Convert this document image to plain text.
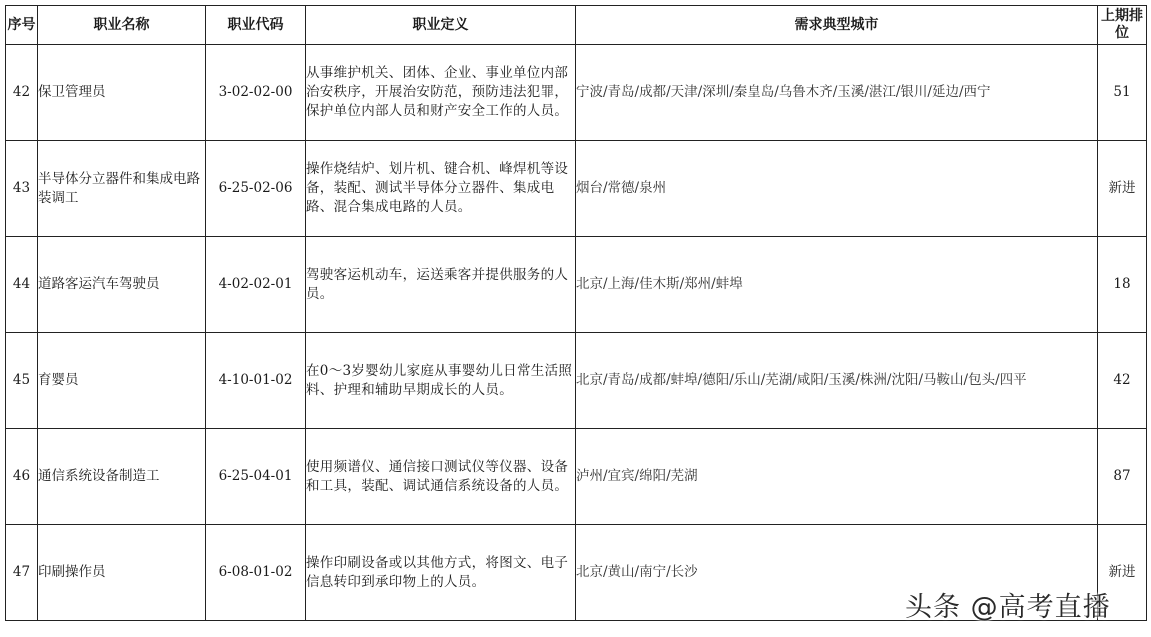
序号	职业名称	职业代码	职业定义	需求典型城市	上期排位
42	保卫管理员	3-02-02-00	从事维护机关、团体、企业、事业单位内部治安秩序，开展治安防范，预防违法犯罪，保护单位内部人员和财产安全工作的人员。	宁波/青岛/成都/天津/深圳/秦皇岛/乌鲁木齐/玉溪/湛江/银川/延边/西宁	51
43	半导体分立器件和集成电路装调工	6-25-02-06	操作烧结炉、划片机、键合机、峰焊机等设备，装配、测试半导体分立器件、集成电路、混合集成电路的人员。	烟台/常德/泉州	新进
44	道路客运汽车驾驶员	4-02-02-01	驾驶客运机动车，运送乘客并提供服务的人员。	北京/上海/佳木斯/郑州/蚌埠	18
45	育婴员	4-10-01-02	在0～3岁婴幼儿家庭从事婴幼儿日常生活照料、护理和辅助早期成长的人员。	北京/青岛/成都/蚌埠/德阳/乐山/芜湖/咸阳/玉溪/株洲/沈阳/马鞍山/包头/四平	42
46	通信系统设备制造工	6-25-04-01	使用频谱仪、通信接口测试仪等仪器、设备和工具，装配、调试通信系统设备的人员。	泸州/宜宾/绵阳/芜湖	87
47	印刷操作员	6-08-01-02	操作印刷设备或以其他方式，将图文、电子信息转印到承印物上的人员。	北京/黄山/南宁/长沙	新进
头条 @高考直播
